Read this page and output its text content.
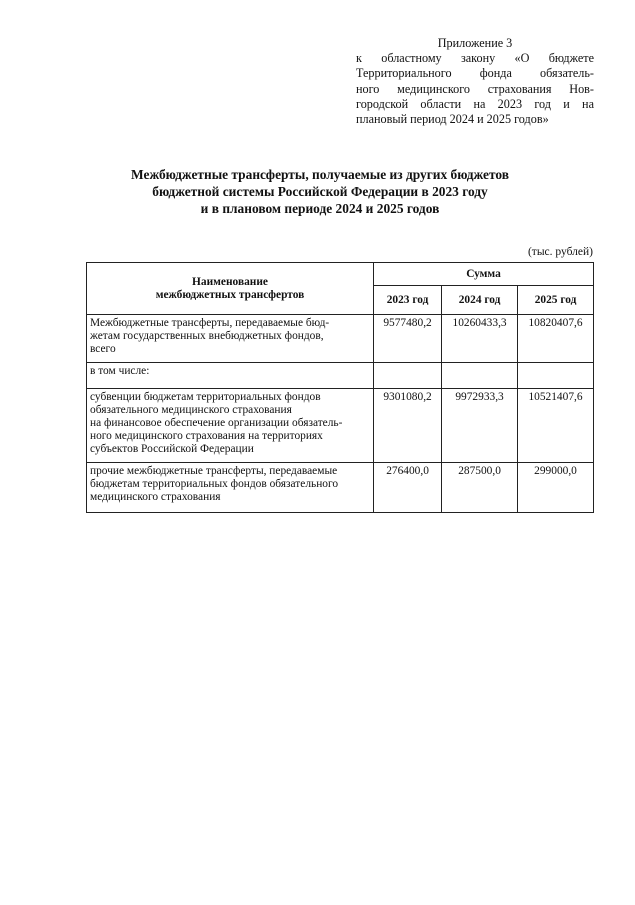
Приложение 3
к областному закону «О бюджете
Территориального фонда обязатель-
ного медицинского страхования Нов-
городской области на 2023 год и на
плановый период 2024 и 2025 годов»
Межбюджетные трансферты, получаемые из других бюджетов
бюджетной системы Российской Федерации в 2023 году
и в плановом периоде 2024 и 2025 годов
(тыс. рублей)
Наименование
межбюджетных трансфертов	Сумма		
	2023 год	2024 год	2025 год

Межбюджетные трансферты, передаваемые бюд-
жетам государственных внебюджетных фондов,
всего	9577480,2	10260433,3	10820407,6

в том числе:			

субвенции бюджетам территориальных фондов
обязательного медицинского страхования
на финансовое обеспечение организации обязатель-
ного медицинского страхования на территориях
субъектов Российской Федерации	9301080,2	9972933,3	10521407,6

прочие межбюджетные трансферты, передаваемые
бюджетам территориальных фондов обязательного
медицинского страхования	276400,0	287500,0	299000,0
